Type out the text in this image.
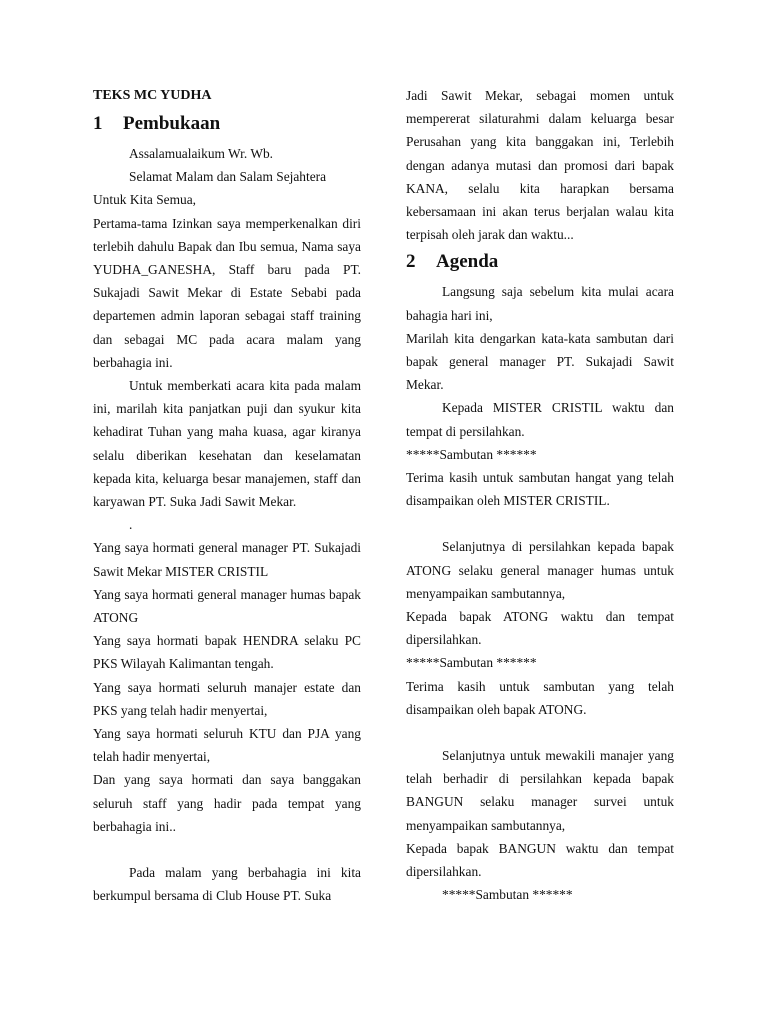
TEKS MC YUDHA

1 Pembukaan

Assalamualaikum Wr. Wb.

Selamat Malam dan Salam Sejahtera

Untuk Kita Semua,

Pertama-tama Izinkan saya memperkenalkan diri terlebih dahulu Bapak dan Ibu semua, Nama saya YUDHA_GANESHA, Staff baru pada PT. Sukajadi Sawit Mekar di Estate Sebabi pada departemen admin laporan sebagai staff training dan sebagai MC pada acara malam yang berbahagia ini.

Untuk memberkati acara kita pada malam ini, marilah kita panjatkan puji dan syukur kita kehadirat Tuhan yang maha kuasa, agar kiranya selalu diberikan kesehatan dan keselamatan kepada kita, keluarga besar manajemen, staff dan karyawan PT. Suka Jadi Sawit Mekar.

.

Yang saya hormati general manager PT. Sukajadi Sawit Mekar MISTER CRISTIL

Yang saya hormati general manager humas bapak ATONG

Yang saya hormati bapak HENDRA selaku PC PKS Wilayah Kalimantan tengah.

Yang saya hormati seluruh manajer estate dan PKS yang telah hadir menyertai,

Yang saya hormati seluruh KTU dan PJA yang telah hadir menyertai,

Dan yang saya hormati dan saya banggakan seluruh staff yang hadir pada tempat yang berbahagia ini..

Pada malam yang berbahagia ini kita berkumpul bersama di Club House PT. Suka

Jadi Sawit Mekar, sebagai momen untuk mempererat silaturahmi dalam keluarga besar Perusahan yang kita banggakan ini, Terlebih dengan adanya mutasi dan promosi dari bapak KANA, selalu kita harapkan bersama kebersamaan ini akan terus berjalan walau kita terpisah oleh jarak dan waktu...

2 Agenda

Langsung saja sebelum kita mulai acara bahagia hari ini,

Marilah kita dengarkan kata-kata sambutan dari bapak general manager PT. Sukajadi Sawit Mekar.

Kepada MISTER CRISTIL waktu dan tempat di persilahkan.

*****Sambutan ******

Terima kasih untuk sambutan hangat yang telah disampaikan oleh MISTER CRISTIL.

Selanjutnya di persilahkan kepada bapak ATONG selaku general manager humas untuk menyampaikan sambutannya,

Kepada bapak ATONG waktu dan tempat dipersilahkan.

*****Sambutan ******

Terima kasih untuk sambutan yang telah disampaikan oleh bapak ATONG.

Selanjutnya untuk mewakili manajer yang telah berhadir di persilahkan kepada bapak BANGUN selaku manager survei untuk menyampaikan sambutannya,

Kepada bapak BANGUN waktu dan tempat dipersilahkan.

*****Sambutan ******
